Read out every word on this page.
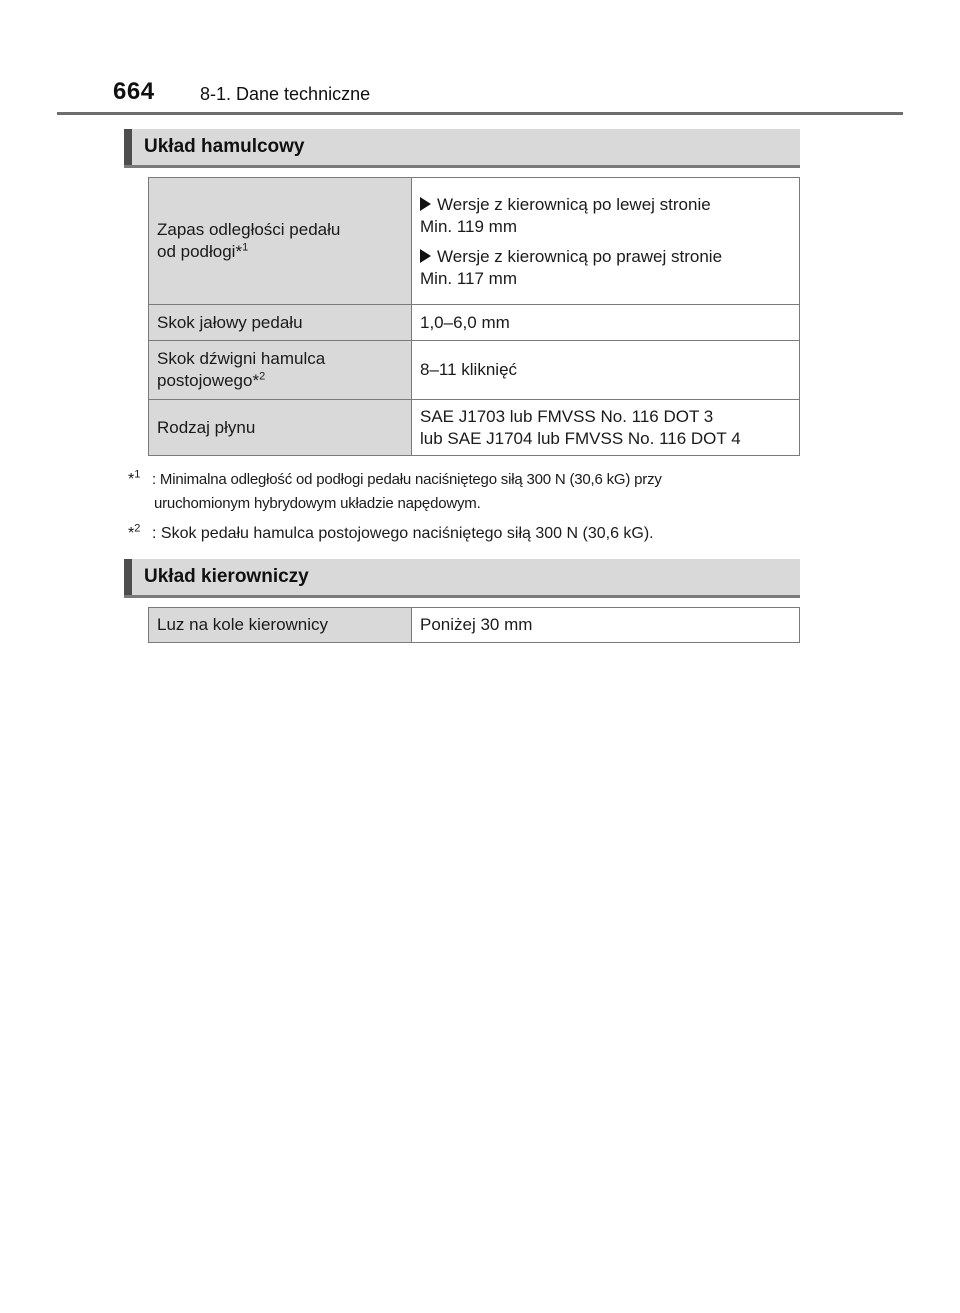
664	8-1. Dane techniczne
Układ hamulcowy
Zapas odległości pedału
od podłogi*$^1$	Wersje z kierownicą po lewej stronie
Min. 119 mm
Wersje z kierownicą po prawej stronie
Min. 117 mm

Skok jałowy pedału	1,0–6,0 mm
Skok dźwigni hamulca
postojowego*$^2$	8–11 kliknięć
Rodzaj płynu	SAE J1703 lub FMVSS No. 116 DOT 3
lub SAE J1704 lub FMVSS No. 116 DOT 4
*$^1$ : Minimalna odległość od podłogi pedału naciśniętego siłą 300 N (30,6 kG) przy
uruchomionym hybrydowym układzie napędowym.
*$^2$ : Skok pedału hamulca postojowego naciśniętego siłą 300 N (30,6 kG).
Układ kierowniczy
Luz na kole kierownicy	Poniżej 30 mm
